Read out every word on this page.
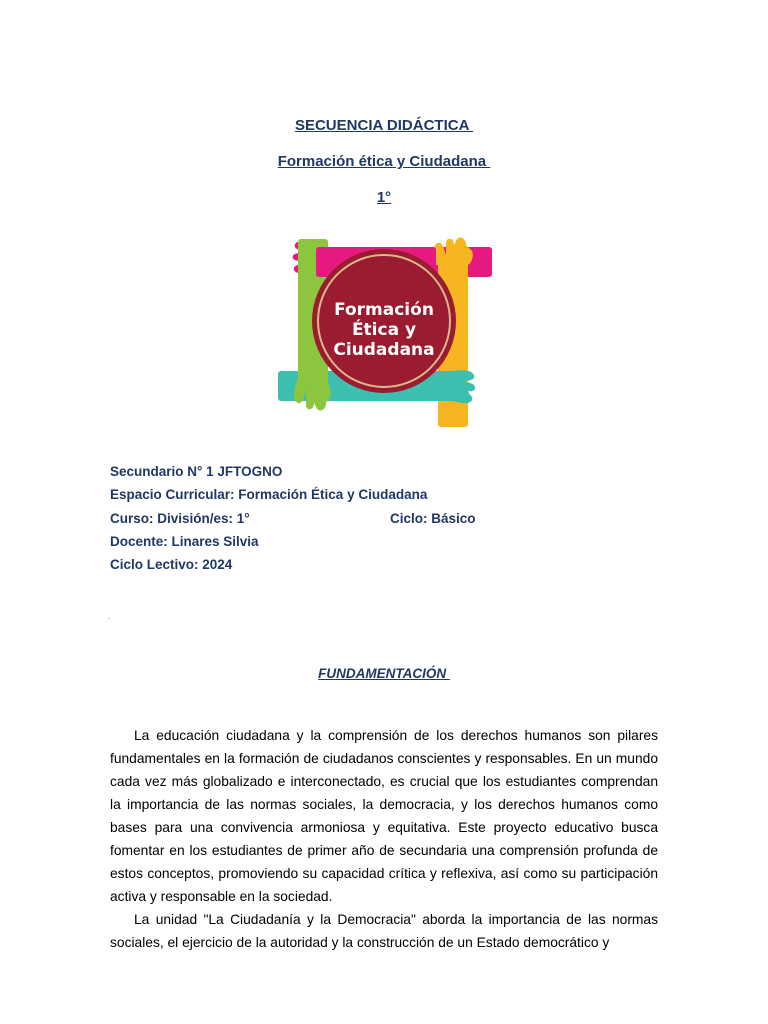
SECUENCIA DIDÁCTICA
Formación ética y Ciudadana
1°
Formación
Ética y
Ciudadana
Secundario N° 1 JFTOGNO
Espacio Curricular: Formación Ética y Ciudadana
Curso: División/es: 1°	Ciclo: Básico
Docente: Linares Silvia
Ciclo Lectivo: 2024
.
FUNDAMENTACIÓN

La educación ciudadana y la comprensión de los derechos humanos son pilares fundamentales en la formación de ciudadanos conscientes y responsables. En un mundo cada vez más globalizado e interconectado, es crucial que los estudiantes comprendan la importancia de las normas sociales, la democracia, y los derechos humanos como bases para una convivencia armoniosa y equitativa. Este proyecto educativo busca fomentar en los estudiantes de primer año de secundaria una comprensión profunda de estos conceptos, promoviendo su capacidad crítica y reflexiva, así como su participación activa y responsable en la sociedad.

La unidad "La Ciudadanía y la Democracia" aborda la importancia de las normas sociales, el ejercicio de la autoridad y la construcción de un Estado democrático y
